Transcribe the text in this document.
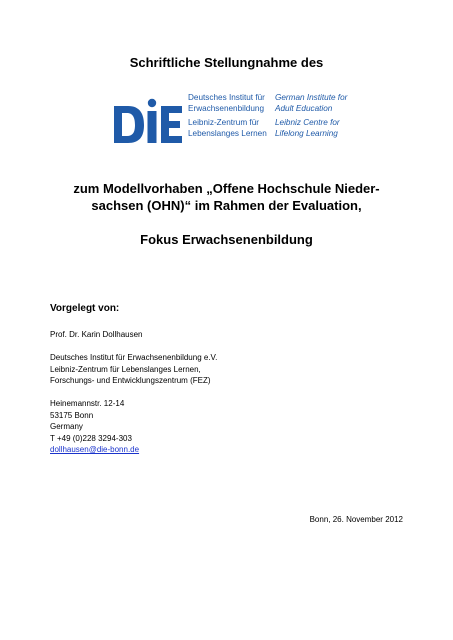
Schriftliche Stellungnahme des
Deutsches Institut für
Erwachsenenbildung
Leibniz-Zentrum für
Lebenslanges Lernen
German Institute for
Adult Education
Leibniz Centre for
Lifelong Learning
zum Modellvorhaben „Offene Hochschule Nieder-
sachsen (OHN)“ im Rahmen der Evaluation,
Fokus Erwachsenenbildung
Vorgelegt von:
Prof. Dr. Karin Dollhausen
Deutsches Institut für Erwachsenenbildung e.V.
Leibniz-Zentrum für Lebenslanges Lernen,
Forschungs- und Entwicklungszentrum (FEZ)
Heinemannstr. 12-14
53175 Bonn
Germany
T +49 (0)228 3294-303
dollhausen@die-bonn.de
Bonn, 26. November 2012
